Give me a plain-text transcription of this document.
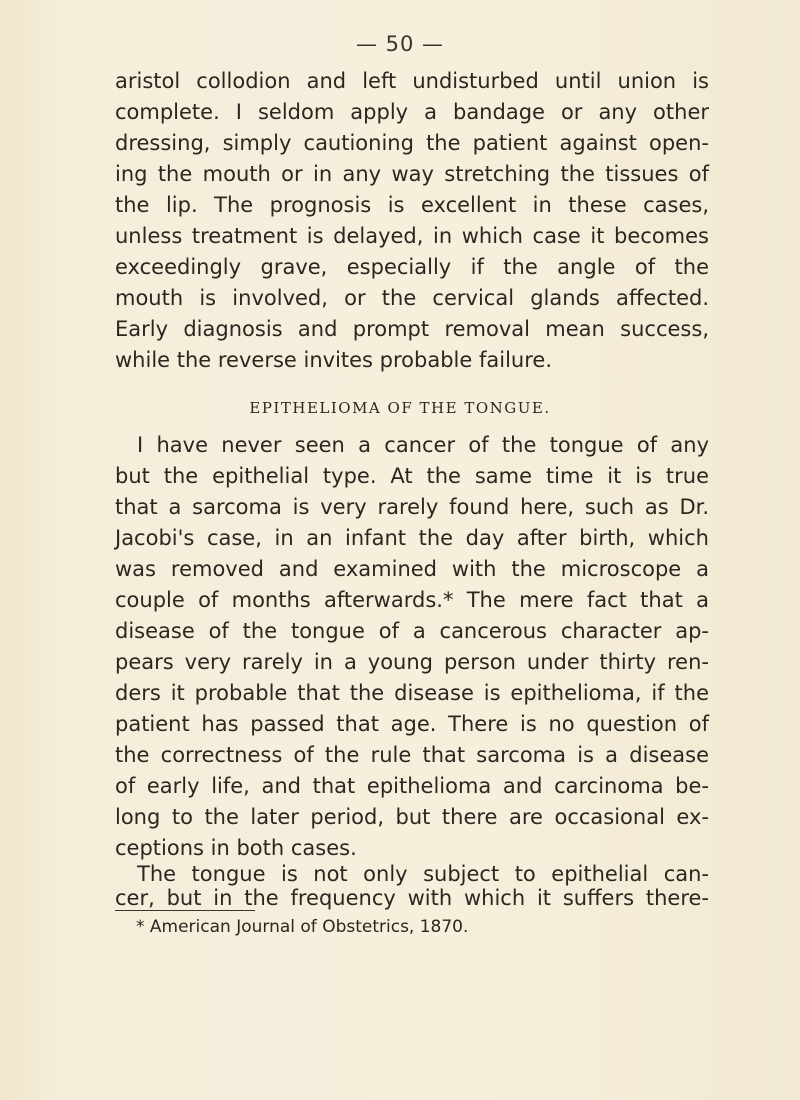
— 50 —
aristol collodion and left undisturbed until union is
complete. I seldom apply a bandage or any other
dressing, simply cautioning the patient against open-
ing the mouth or in any way stretching the tissues of
the lip. The prognosis is excellent in these cases,
unless treatment is delayed, in which case it becomes
exceedingly grave, especially if the angle of the
mouth is involved, or the cervical glands affected.
Early diagnosis and prompt removal mean success,
while the reverse invites probable failure.
EPITHELIOMA OF THE TONGUE.
I have never seen a cancer of the tongue of any
but the epithelial type. At the same time it is true
that a sarcoma is very rarely found here, such as Dr.
Jacobi's case, in an infant the day after birth, which
was removed and examined with the microscope a
couple of months afterwards.* The mere fact that a
disease of the tongue of a cancerous character ap-
pears very rarely in a young person under thirty ren-
ders it probable that the disease is epithelioma, if the
patient has passed that age. There is no question of
the correctness of the rule that sarcoma is a disease
of early life, and that epithelioma and carcinoma be-
long to the later period, but there are occasional ex-
ceptions in both cases.
The tongue is not only subject to epithelial can-
cer, but in the frequency with which it suffers there-
* American Journal of Obstetrics, 1870.
